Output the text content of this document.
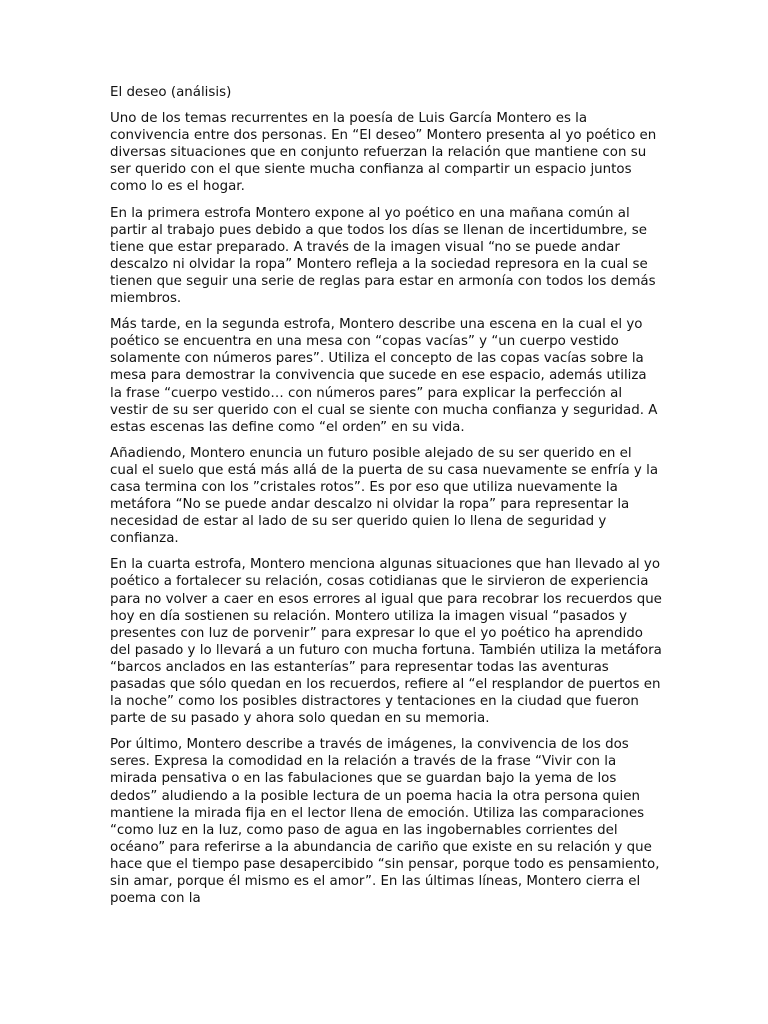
El deseo (análisis)

Uno de los temas recurrentes en la poesía de Luis García Montero es la convivencia entre dos personas. En “El deseo” Montero presenta al yo poético en diversas situaciones que en conjunto refuerzan la relación que mantiene con su ser querido con el que siente mucha confianza al compartir un espacio juntos como lo es el hogar.

En la primera estrofa Montero expone al yo poético en una mañana común al partir al trabajo pues debido a que todos los días se llenan de incertidumbre, se tiene que estar preparado. A través de la imagen visual “no se puede andar descalzo ni olvidar la ropa” Montero refleja a la sociedad represora en la cual se tienen que seguir una serie de reglas para estar en armonía con todos los demás miembros.

Más tarde, en la segunda estrofa, Montero describe una escena en la cual el yo poético se encuentra en una mesa con “copas vacías” y “un cuerpo vestido solamente con números pares”. Utiliza el concepto de las copas vacías sobre la mesa para demostrar la convivencia que sucede en ese espacio, además utiliza la frase “cuerpo vestido… con números pares” para explicar la perfección al vestir de su ser querido con el cual se siente con mucha confianza y seguridad. A estas escenas las define como “el orden” en su vida.

Añadiendo, Montero enuncia un futuro posible alejado de su ser querido en el cual el suelo que está más allá de la puerta de su casa nuevamente se enfría y la casa termina con los ”cristales rotos”. Es por eso que utiliza nuevamente la metáfora “No se puede andar descalzo ni olvidar la ropa” para representar la necesidad de estar al lado de su ser querido quien lo llena de seguridad y confianza.

En la cuarta estrofa, Montero menciona algunas situaciones que han llevado al yo poético a fortalecer su relación, cosas cotidianas que le sirvieron de experiencia para no volver a caer en esos errores al igual que para recobrar los recuerdos que hoy en día sostienen su relación. Montero utiliza la imagen visual “pasados y presentes con luz de porvenir” para expresar lo que el yo poético ha aprendido del pasado y lo llevará a un futuro con mucha fortuna. También utiliza la metáfora “barcos anclados en las estanterías” para representar todas las aventuras pasadas que sólo quedan en los recuerdos, refiere al “el resplandor de puertos en la noche” como los posibles distractores y tentaciones en la ciudad que fueron parte de su pasado y ahora solo quedan en su memoria.

Por último, Montero describe a través de imágenes, la convivencia de los dos seres. Expresa la comodidad en la relación a través de la frase “Vivir con la mirada pensativa o en las fabulaciones que se guardan bajo la yema de los dedos” aludiendo a la posible lectura de un poema hacia la otra persona quien mantiene la mirada fija en el lector llena de emoción. Utiliza las comparaciones “como luz en la luz, como paso de agua en las ingobernables corrientes del océano” para referirse a la abundancia de cariño que existe en su relación y que hace que el tiempo pase desapercibido “sin pensar, porque todo es pensamiento, sin amar, porque él mismo es el amor”. En las últimas líneas, Montero cierra el poema con la
